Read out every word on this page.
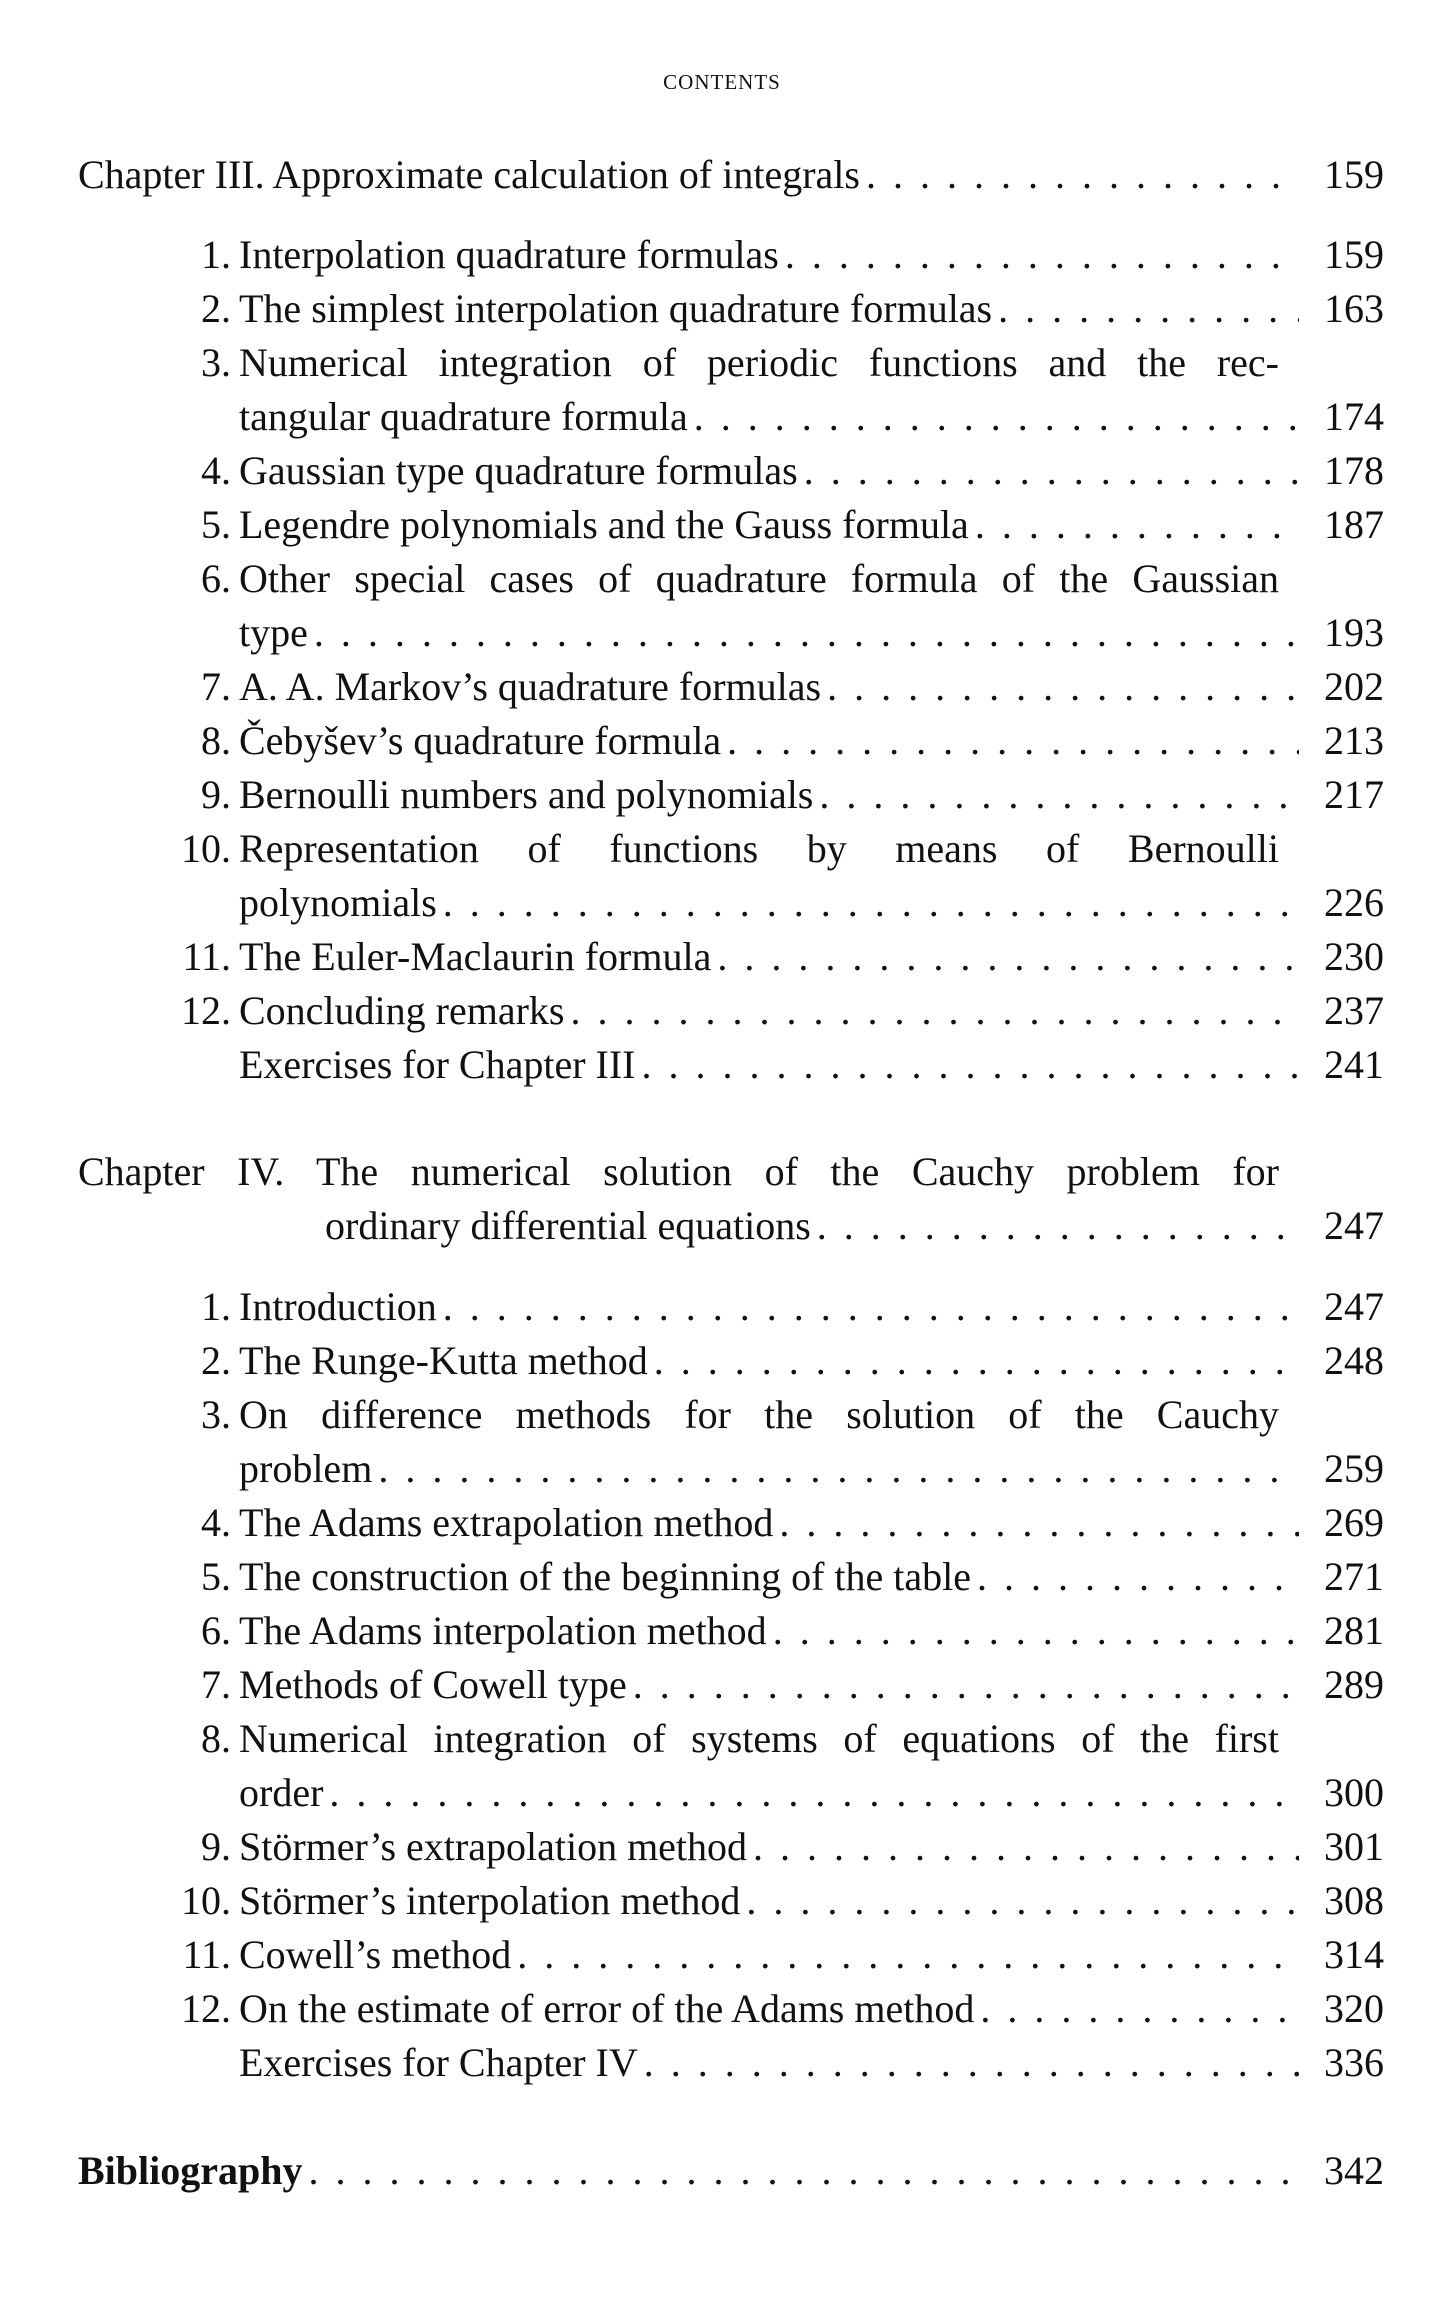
CONTENTS
Chapter III. Approximate calculation of integrals .....	159
1. Interpolation quadrature formulas .....	159
2. The simplest interpolation quadrature formulas .....	163
3. Numerical integration of periodic functions and the rec-
tangular quadrature formula .....	174
4. Gaussian type quadrature formulas .....	178
5. Legendre polynomials and the Gauss formula .....	187
6. Other special cases of quadrature formula of the Gaussian
type .....	193
7. A. A. Markov’s quadrature formulas .....	202
8. Čebyšev’s quadrature formula .....	213
9. Bernoulli numbers and polynomials .....	217
10. Representation of functions by means of Bernoulli
polynomials .....	226
11. The Euler-Maclaurin formula .....	230
12. Concluding remarks .....	237
Exercises for Chapter III .....	241
Chapter IV. The numerical solution of the Cauchy problem for
ordinary differential equations .....	247
1. Introduction .....	247
2. The Runge-Kutta method .....	248
3. On difference methods for the solution of the Cauchy
problem .....	259
4. The Adams extrapolation method .....	269
5. The construction of the beginning of the table .....	271
6. The Adams interpolation method .....	281
7. Methods of Cowell type .....	289
8. Numerical integration of systems of equations of the first
order .....	300
9. Störmer’s extrapolation method .....	301
10. Störmer’s interpolation method .....	308
11. Cowell’s method .....	314
12. On the estimate of error of the Adams method .....	320
Exercises for Chapter IV .....	336
Bibliography .....	342
